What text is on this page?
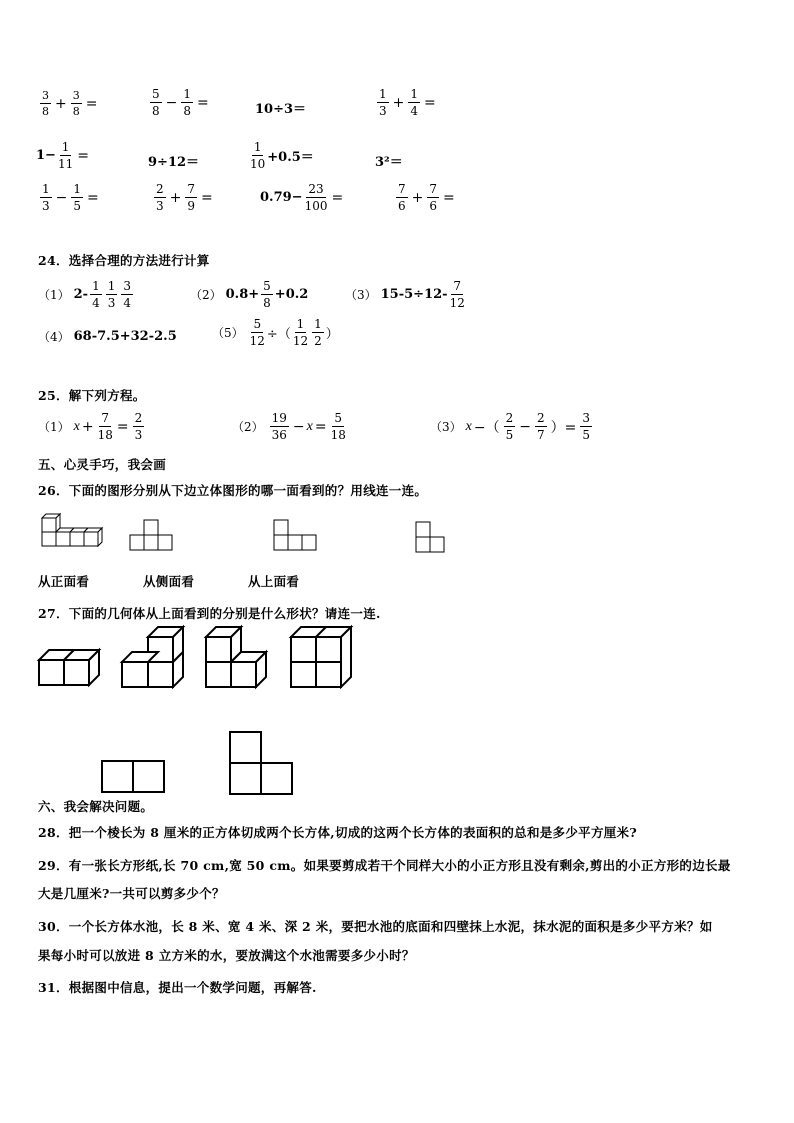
$\frac{3}{8} + \frac{3}{8}$ =	$\frac{5}{8} - \frac{1}{8}$ =	10÷3＝	$\frac{1}{3} + \frac{1}{4}$ =
$1- \frac{1}{11}$ =	9÷12＝	$\frac{1}{10} +0.5=$	3²＝
$\frac{1}{3} - \frac{1}{5}$ =	$\frac{2}{3} + \frac{7}{9}$ =	$0.79- \frac{23}{100}$ =	$\frac{7}{6} + \frac{7}{6}$ =
24．选择合理的方法进行计算
（1） $2- \frac{1}{4} \frac{1}{3} \frac{3}{4}$	（2） $0.8+ \frac{5}{8} +0.2$	（3） $15-5\div 12- \frac{7}{12}$
（4） 68-7.5+32-2.5	$(5) \frac{5}{12}$ ÷（ $\frac{1}{12} \frac{1}{2}$ ）
25．解下列方程。
（1） $x + \frac{7}{18} = \frac{2}{3}$	$(2) \frac{19}{36} - x = \frac{5}{18}$	（3） x −（ $\frac{2}{5} - \frac{2}{7}$ ）= $\frac{3}{5}$
五、心灵手巧，我会画
26．下面的图形分别从下边立体图形的哪一面看到的？用线连一连。
从正面看	从侧面看	从上面看
27．下面的几何体从上面看到的分别是什么形状？请连一连.
六、我会解决问题。
28．把一个棱长为 8 厘米的正方体切成两个长方体,切成的这两个长方体的表面积的总和是多少平方厘米?
29．有一张长方形纸,长 70 cm,宽 50 cm。如果要剪成若干个同样大小的小正方形且没有剩余,剪出的小正方形的边长最
大是几厘米?一共可以剪多少个？
30．一个长方体水池，长 8 米、宽 4 米、深 2 米，要把水池的底面和四壁抹上水泥，抹水泥的面积是多少平方米？如
果每小时可以放进 8 立方米的水，要放满这个水池需要多少小时？
31．根据图中信息，提出一个数学问题，再解答.
